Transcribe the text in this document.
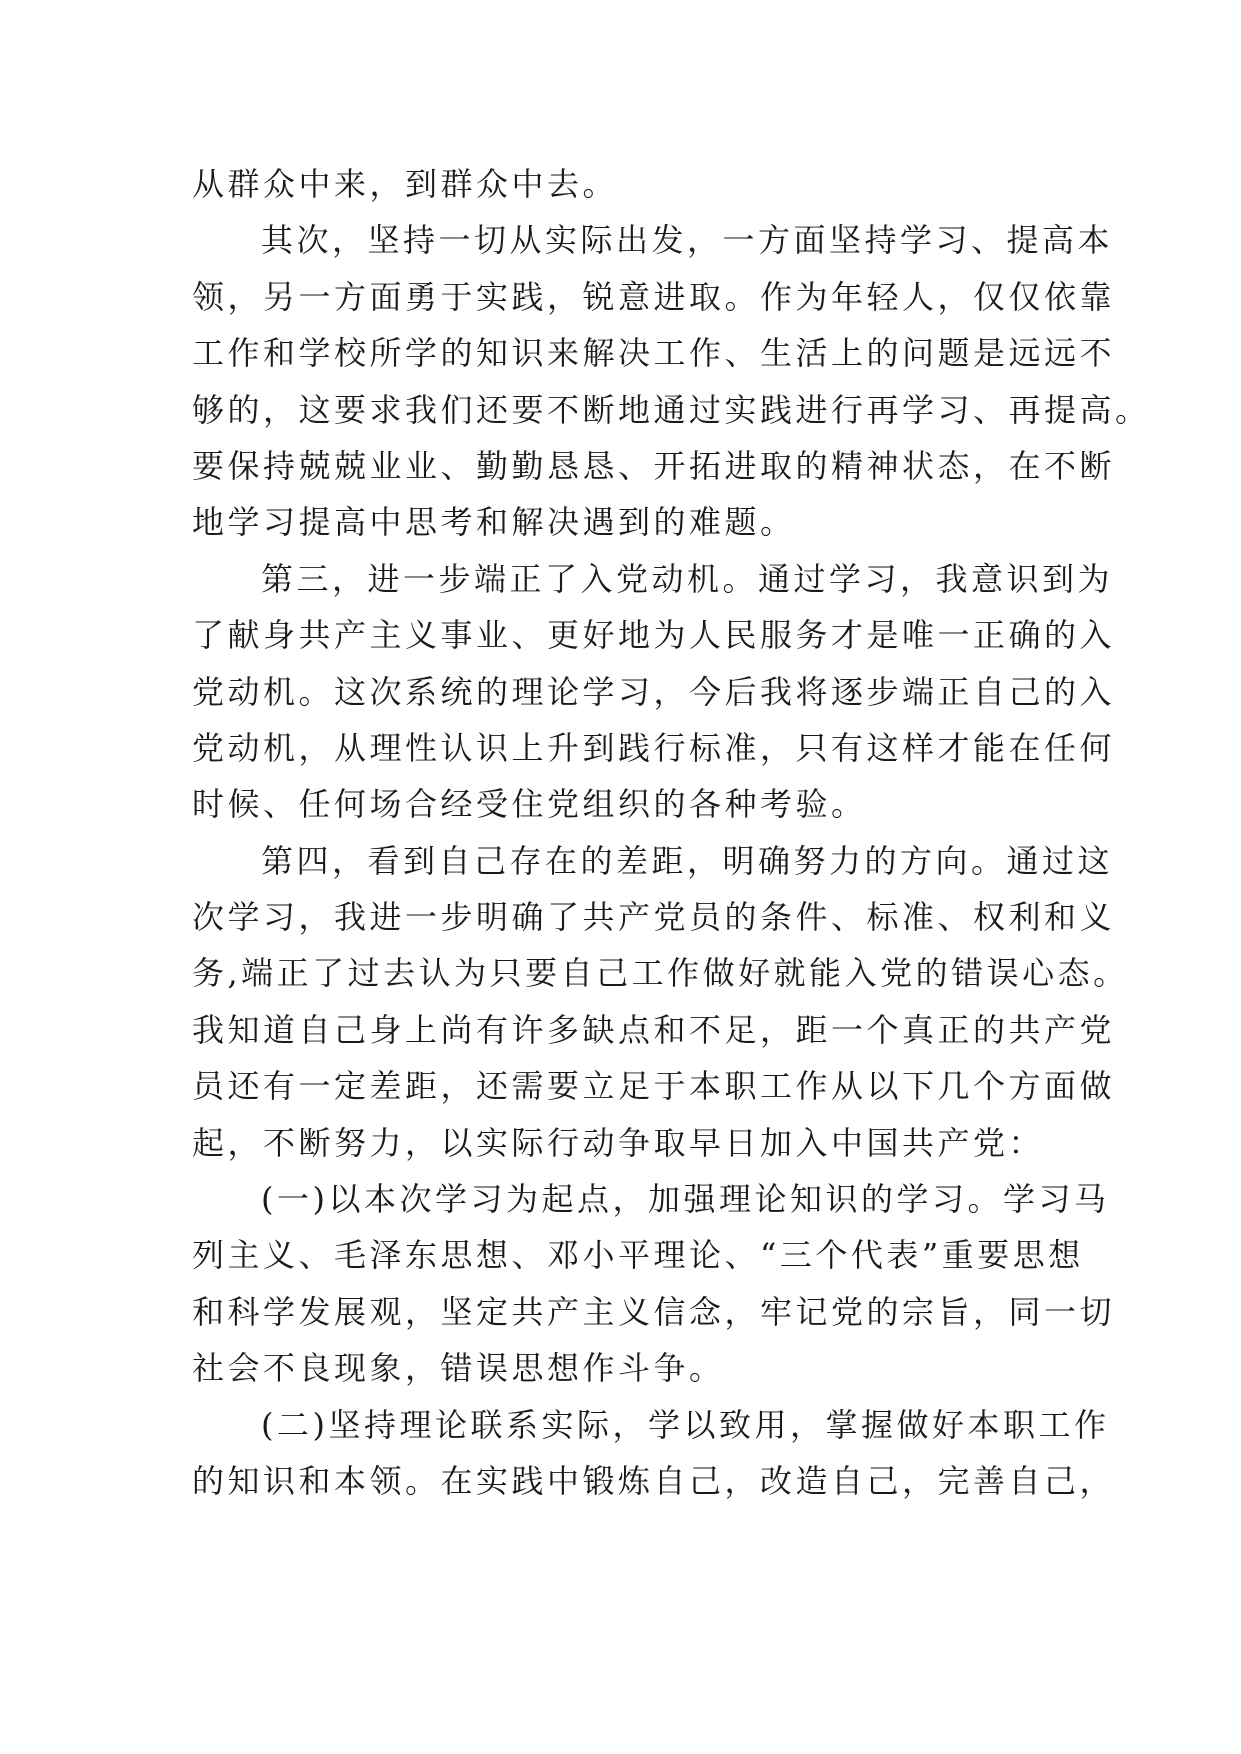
从群众中来，到群众中去。
其次，坚持一切从实际出发，一方面坚持学习、提高本
领，另一方面勇于实践，锐意进取。作为年轻人，仅仅依靠
工作和学校所学的知识来解决工作、生活上的问题是远远不
够的，这要求我们还要不断地通过实践进行再学习、再提高。
要保持兢兢业业、勤勤恳恳、开拓进取的精神状态，在不断
地学习提高中思考和解决遇到的难题。
第三，进一步端正了入党动机。通过学习，我意识到为
了献身共产主义事业、更好地为人民服务才是唯一正确的入
党动机。这次系统的理论学习，今后我将逐步端正自己的入
党动机，从理性认识上升到践行标准，只有这样才能在任何
时候、任何场合经受住党组织的各种考验。
第四，看到自己存在的差距，明确努力的方向。通过这
次学习，我进一步明确了共产党员的条件、标准、权利和义
务,端正了过去认为只要自己工作做好就能入党的错误心态。
我知道自己身上尚有许多缺点和不足，距一个真正的共产党
员还有一定差距，还需要立足于本职工作从以下几个方面做
起，不断努力，以实际行动争取早日加入中国共产党：
(一)以本次学习为起点，加强理论知识的学习。学习马
列主义、毛泽东思想、邓小平理论、“三个代表”重要思想
和科学发展观，坚定共产主义信念，牢记党的宗旨，同一切
社会不良现象，错误思想作斗争。
(二)坚持理论联系实际，学以致用，掌握做好本职工作
的知识和本领。在实践中锻炼自己，改造自己，完善自己，
